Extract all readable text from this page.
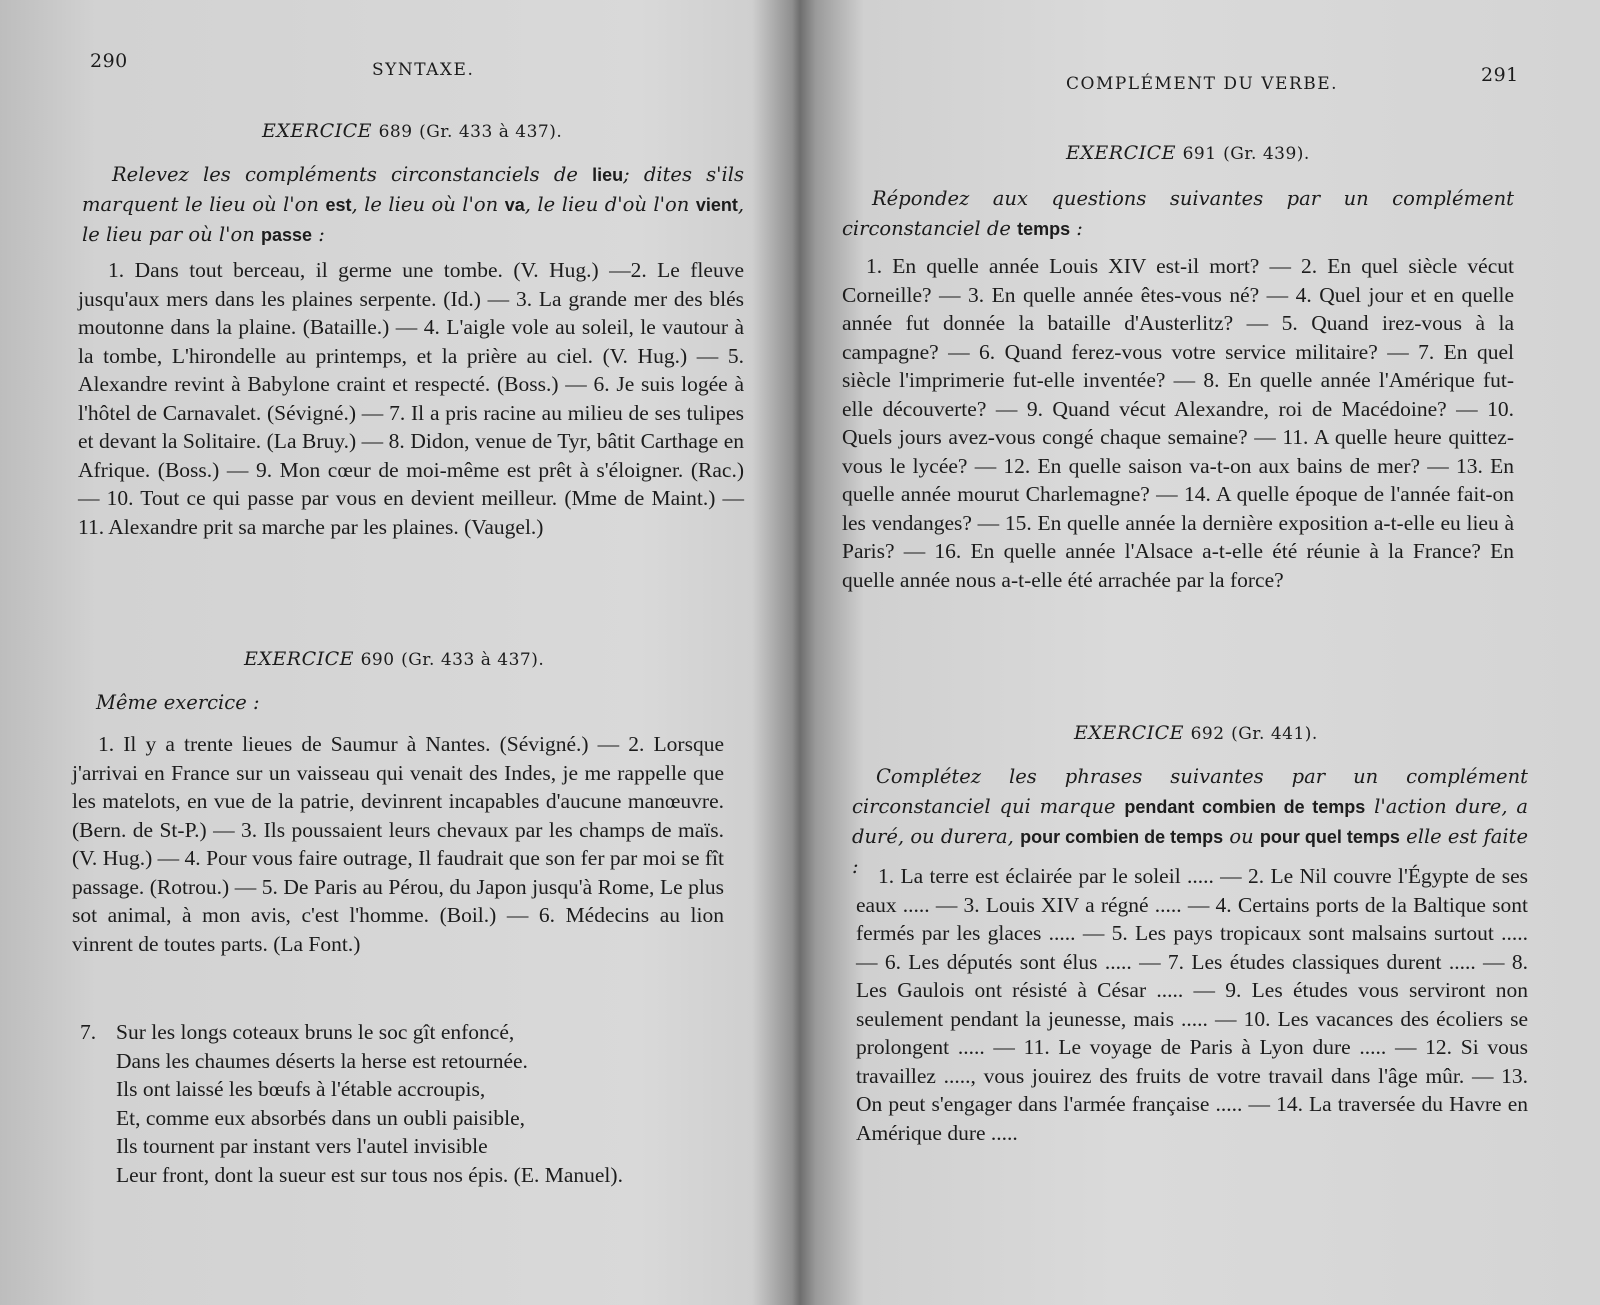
290	SYNTAXE.
EXERCICE 689 (Gr. 433 à 437).
Relevez les compléments circonstanciels de lieu; dites s'ils marquent le lieu où l'on est, le lieu où l'on va, le lieu d'où l'on vient, le lieu par où l'on passe :
1. Dans tout berceau, il germe une tombe. (V. Hug.) —2. Le fleuve jusqu'aux mers dans les plaines serpente. (Id.) — 3. La grande mer des blés moutonne dans la plaine. (Bataille.) — 4. L'aigle vole au soleil, le vautour à la tombe, L'hirondelle au printemps, et la prière au ciel. (V. Hug.) — 5. Alexandre revint à Babylone craint et respecté. (Boss.) — 6. Je suis logée à l'hôtel de Carnavalet. (Sévigné.) — 7. Il a pris racine au milieu de ses tulipes et devant la Solitaire. (La Bruy.) — 8. Didon, venue de Tyr, bâtit Carthage en Afrique. (Boss.) — 9. Mon cœur de moi-même est prêt à s'éloigner. (Rac.) — 10. Tout ce qui passe par vous en devient meilleur. (Mme de Maint.) — 11. Alexandre prit sa marche par les plaines. (Vaugel.)
EXERCICE 690 (Gr. 433 à 437).
Même exercice :
1. Il y a trente lieues de Saumur à Nantes. (Sévigné.) — 2. Lorsque j'arrivai en France sur un vaisseau qui venait des Indes, je me rappelle que les matelots, en vue de la patrie, devinrent incapables d'aucune manœuvre. (Bern. de St-P.) — 3. Ils poussaient leurs chevaux par les champs de maïs. (V. Hug.) — 4. Pour vous faire outrage, Il faudrait que son fer par moi se fît passage. (Rotrou.) — 5. De Paris au Pérou, du Japon jusqu'à Rome, Le plus sot animal, à mon avis, c'est l'homme. (Boil.) — 6. Médecins au lion vinrent de toutes parts. (La Font.)
7. Sur les longs coteaux bruns le soc gît enfoncé,
Dans les chaumes déserts la herse est retournée.
Ils ont laissé les bœufs à l'étable accroupis,
Et, comme eux absorbés dans un oubli paisible,
Ils tournent par instant vers l'autel invisible
Leur front, dont la sueur est sur tous nos épis. (E. Manuel).
COMPLÉMENT DU VERBE.	291
EXERCICE 691 (Gr. 439).
Répondez aux questions suivantes par un complément circonstanciel de temps :
1. En quelle année Louis XIV est-il mort? — 2. En quel siècle vécut Corneille? — 3. En quelle année êtes-vous né? — 4. Quel jour et en quelle année fut donnée la bataille d'Austerlitz? — 5. Quand irez-vous à la campagne? — 6. Quand ferez-vous votre service militaire? — 7. En quel siècle l'imprimerie fut-elle inventée? — 8. En quelle année l'Amérique fut-elle découverte? — 9. Quand vécut Alexandre, roi de Macédoine? — 10. Quels jours avez-vous congé chaque semaine? — 11. A quelle heure quittez-vous le lycée? — 12. En quelle saison va-t-on aux bains de mer? — 13. En quelle année mourut Charlemagne? — 14. A quelle époque de l'année fait-on les vendanges? — 15. En quelle année la dernière exposition a-t-elle eu lieu à Paris? — 16. En quelle année l'Alsace a-t-elle été réunie à la France? En quelle année nous a-t-elle été arrachée par la force?
EXERCICE 692 (Gr. 441).
Complétez les phrases suivantes par un complément circonstanciel qui marque pendant combien de temps l'action dure, a duré, ou durera, pour combien de temps ou pour quel temps elle est faite : 1. La terre est éclairée par le soleil ..... — 2. Le Nil couvre l'Égypte de ses eaux ..... — 3. Louis XIV a régné ..... — 4. Certains ports de la Baltique sont fermés par les glaces ..... — 5. Les pays tropicaux sont malsains surtout ..... — 6. Les députés sont élus ..... — 7. Les études classiques durent ..... — 8. Les Gaulois ont résisté à César ..... — 9. Les études vous serviront non seulement pendant la jeunesse, mais ..... — 10. Les vacances des écoliers se prolongent ..... — 11. Le voyage de Paris à Lyon dure ..... — 12. Si vous travaillez ....., vous jouirez des fruits de votre travail dans l'âge mûr. — 13. On peut s'engager dans l'armée française ..... — 14. La traversée du Havre en Amérique dure .....
